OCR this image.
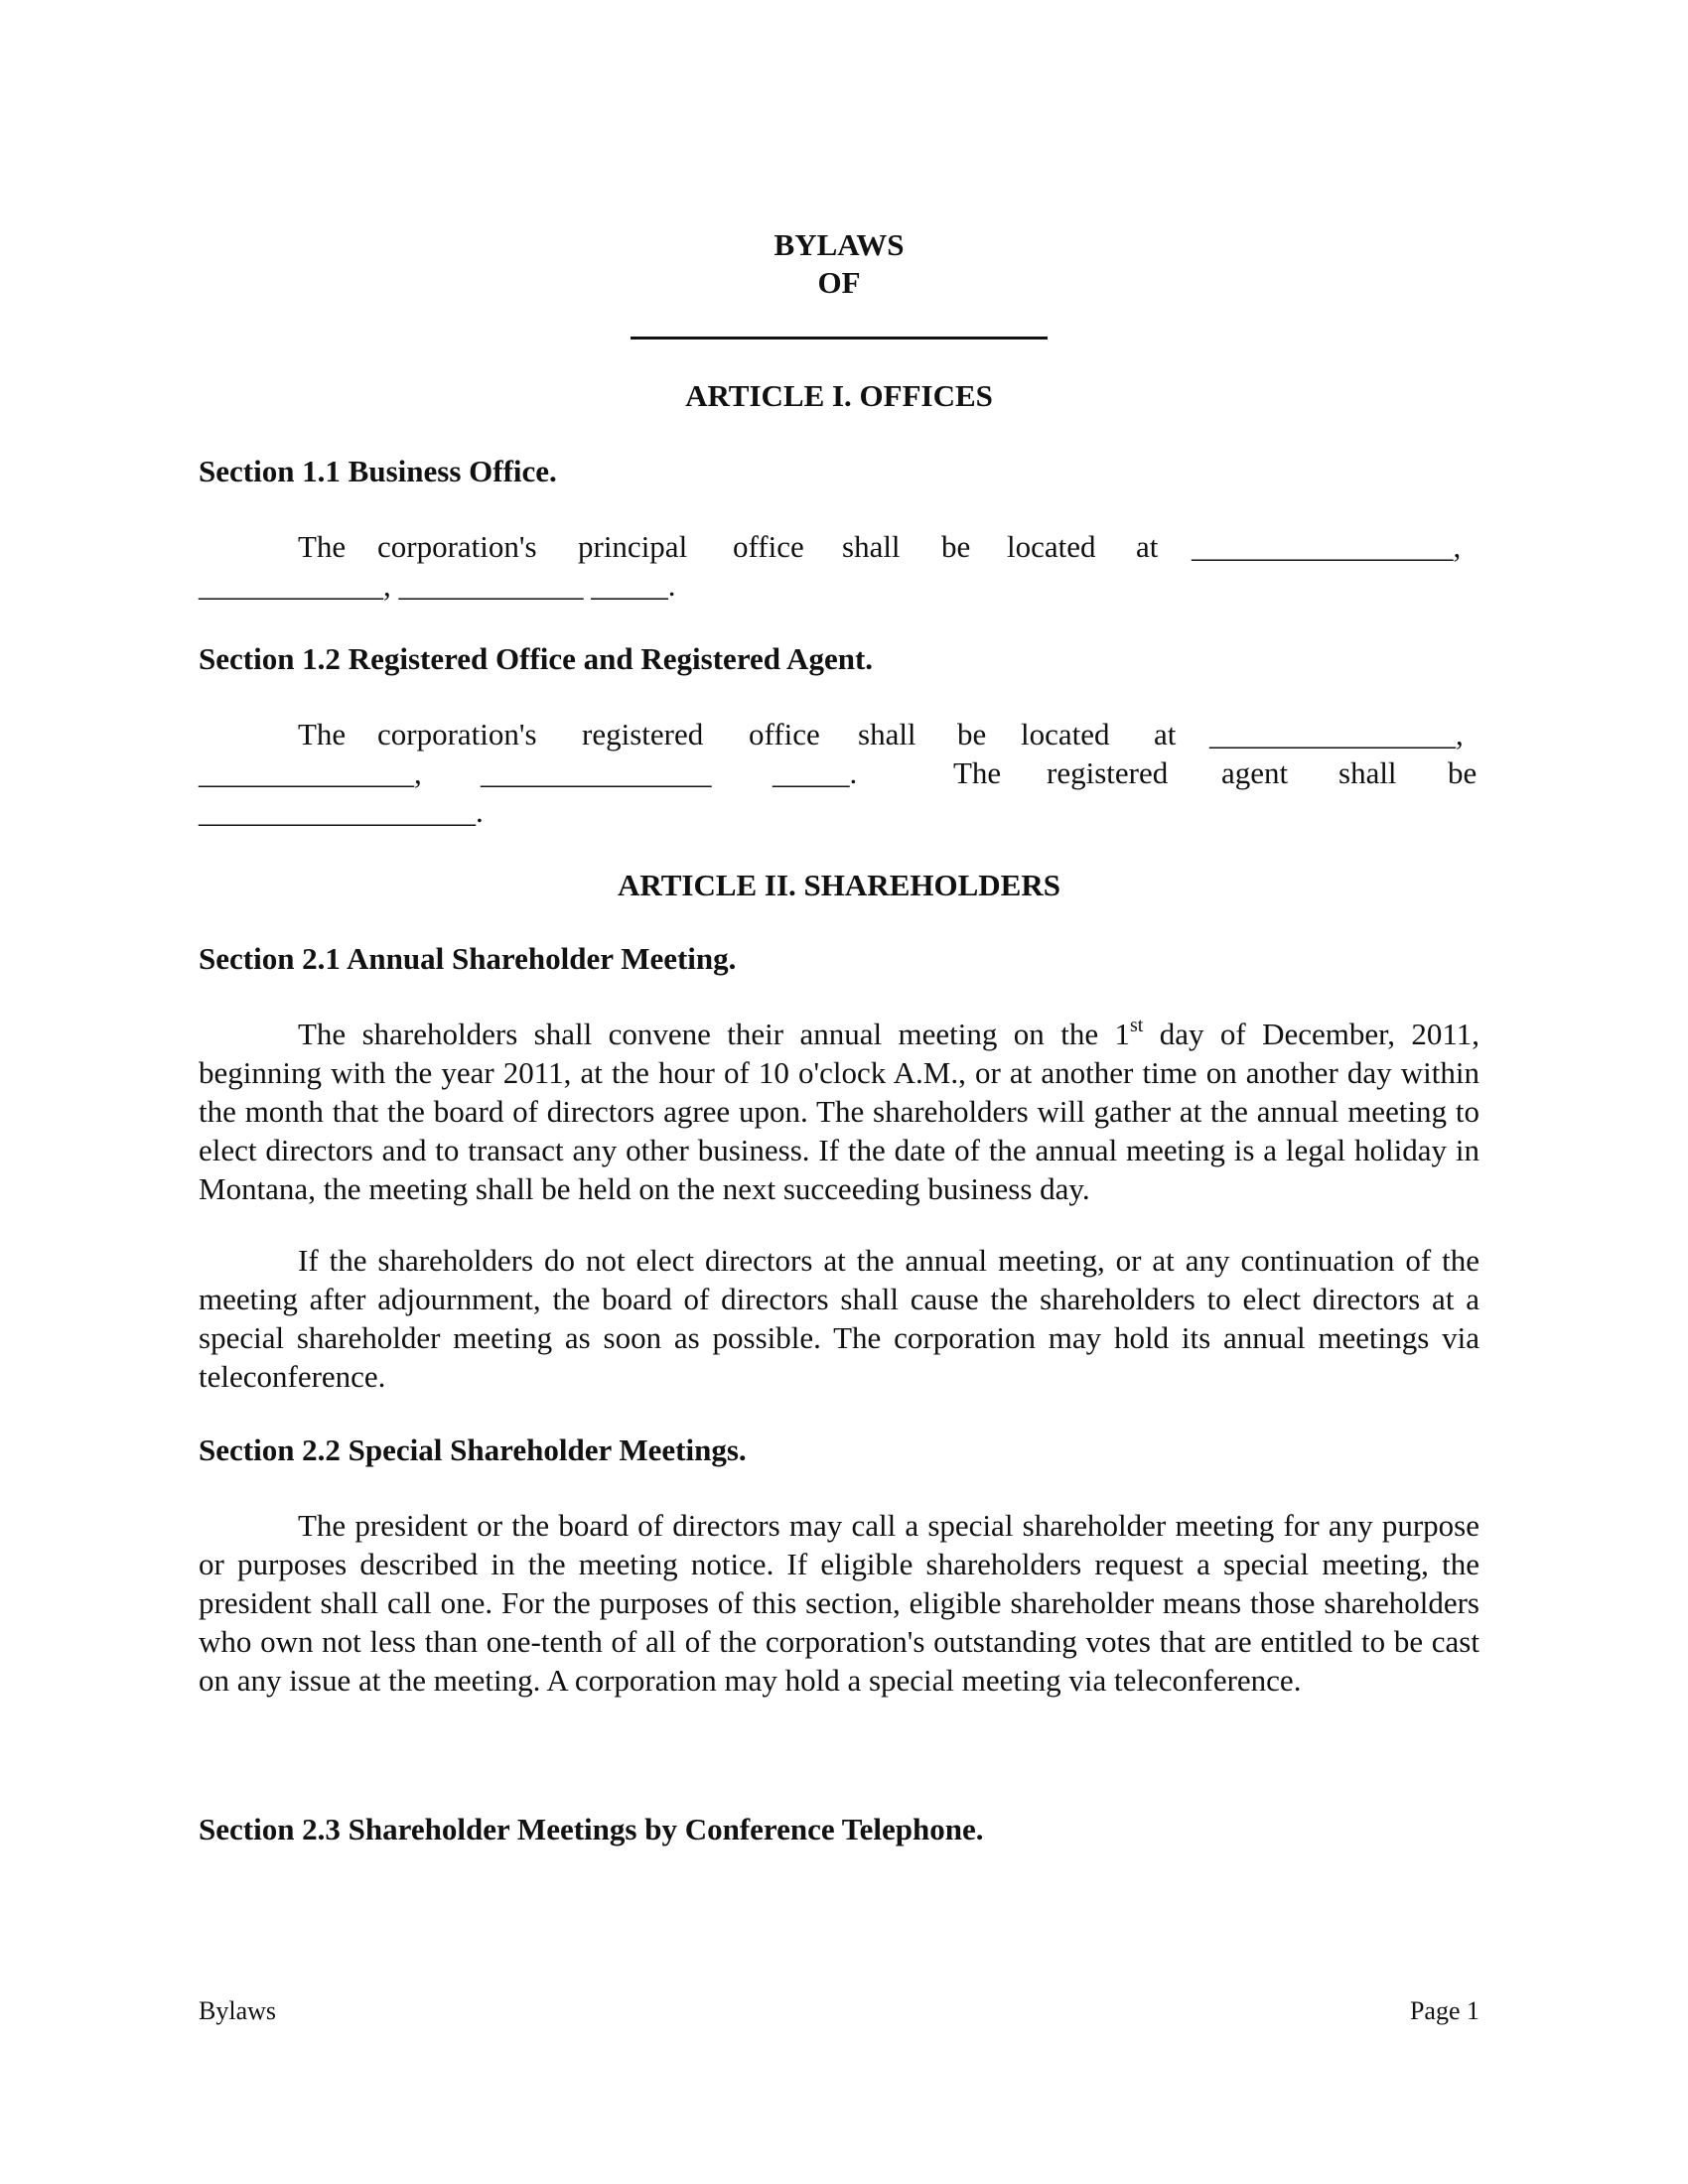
BYLAWS
OF
ARTICLE I. OFFICES
Section 1.1 Business Office.
The corporation's principal office shall be located at _________________,
____________, ____________ _____.
Section 1.2 Registered Office and Registered Agent.
The corporation's registered office shall be located at ________________,
______________, _______________ _____.	The registered agent shall be
__________________.
ARTICLE II. SHAREHOLDERS
Section 2.1 Annual Shareholder Meeting.

The shareholders shall convene their annual meeting on the 1st day of December, 2011, beginning with the year 2011, at the hour of 10 o'clock A.M., or at another time on another day within the month that the board of directors agree upon. The shareholders will gather at the annual meeting to elect directors and to transact any other business. If the date of the annual meeting is a legal holiday in Montana, the meeting shall be held on the next succeeding business day.

If the shareholders do not elect directors at the annual meeting, or at any continuation of the meeting after adjournment, the board of directors shall cause the shareholders to elect directors at a special shareholder meeting as soon as possible. The corporation may hold its annual meetings via teleconference.

Section 2.2 Special Shareholder Meetings.

The president or the board of directors may call a special shareholder meeting for any purpose or purposes described in the meeting notice. If eligible shareholders request a special meeting, the president shall call one. For the purposes of this section, eligible shareholder means those shareholders who own not less than one-tenth of all of the corporation's outstanding votes that are entitled to be cast on any issue at the meeting. A corporation may hold a special meeting via teleconference.

Section 2.3 Shareholder Meetings by Conference Telephone.
Bylaws	Page 1
